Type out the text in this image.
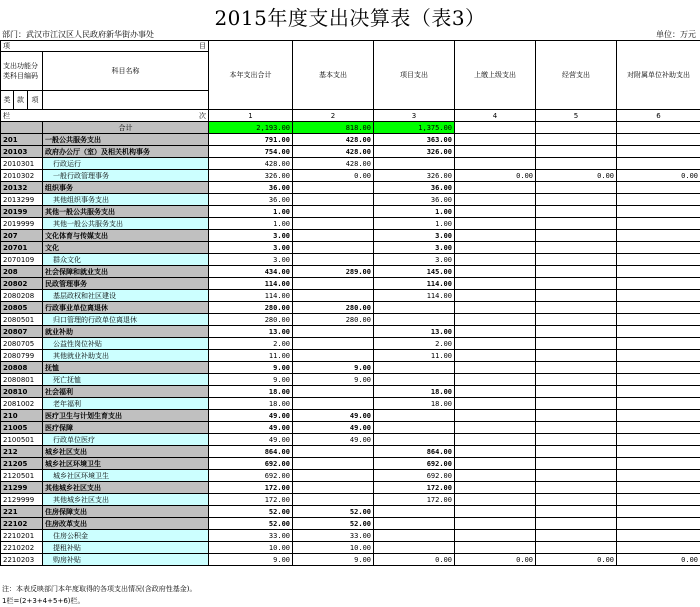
2015年度支出决算表（表3）
部门：武汉市江汉区人民政府新华街办事处	单位：万元
项 目				本年支出合计	基本支出	项目支出	上缴上级支出	经营支出	对附属单位补助支出
支出功能分类科目编码			科目名称						
类	款	项							

栏 次				1	2	3	4	5	6
			合计	2,193.00	818.00	1,375.00			
201			一般公共服务支出	791.00	428.00	363.00			
20103			政府办公厅（室）及相关机构事务	754.00	428.00	326.00			
2010301			行政运行	428.00	428.00				
2010302			一般行政管理事务	326.00	0.00	326.00	0.00	0.00	0.00
20132			组织事务	36.00		36.00			
2013299			其他组织事务支出	36.00		36.00			
20199			其他一般公共服务支出	1.00		1.00			
2019999			其他一般公共服务支出	1.00		1.00			
207			文化体育与传媒支出	3.00		3.00			
20701			文化	3.00		3.00			
2070109			群众文化	3.00		3.00			
208			社会保障和就业支出	434.00	289.00	145.00			
20802			民政管理事务	114.00		114.00			
2080208			基层政权和社区建设	114.00		114.00			
20805			行政事业单位离退休	280.00	280.00				
2080501			归口管理的行政单位离退休	280.00	280.00				
20807			就业补助	13.00		13.00			
2080705			公益性岗位补贴	2.00		2.00			
2080799			其他就业补助支出	11.00		11.00			
20808			抚恤	9.00	9.00				
2080801			死亡抚恤	9.00	9.00				
20810			社会福利	18.00		18.00			
2081002			老年福利	18.00		18.00			
210			医疗卫生与计划生育支出	49.00	49.00				
21005			医疗保障	49.00	49.00				
2100501			行政单位医疗	49.00	49.00				
212			城乡社区支出	864.00		864.00			
21205			城乡社区环境卫生	692.00		692.00			
2120501			城乡社区环境卫生	692.00		692.00			
21299			其他城乡社区支出	172.00		172.00			
2129999			其他城乡社区支出	172.00		172.00			
221			住房保障支出	52.00	52.00				
22102			住房改革支出	52.00	52.00				
2210201			住房公积金	33.00	33.00				
2210202			提租补贴	10.00	10.00				
2210203			购房补贴	9.00	9.00	0.00	0.00	0.00	0.00
注：本表反映部门本年度取得的各项支出情况(含政府性基金)。
1栏=(2+3+4+5+6)栏。
